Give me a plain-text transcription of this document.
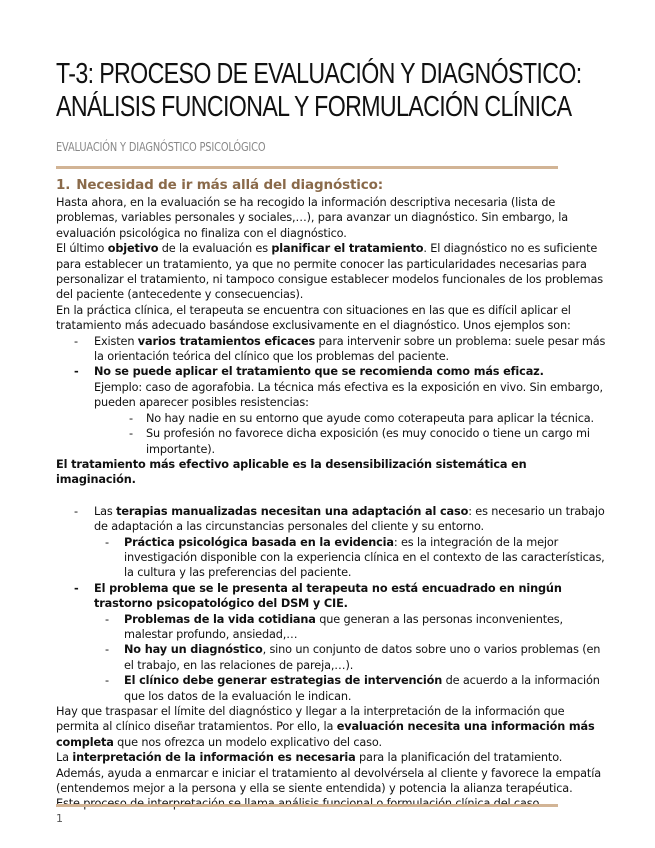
T-3: PROCESO DE EVALUACIÓN Y DIAGNÓSTICO:
ANÁLISIS FUNCIONAL Y FORMULACIÓN CLÍNICA
EVALUACIÓN Y DIAGNÓSTICO PSICOLÓGICO

1. Necesidad de ir más allá del diagnóstico:

Hasta ahora, en la evaluación se ha recogido la información descriptiva necesaria (lista de problemas, variables personales y sociales,…), para avanzar un diagnóstico. Sin embargo, la evaluación psicológica no finaliza con el diagnóstico.

El último objetivo de la evaluación es planificar el tratamiento. El diagnóstico no es suficiente para establecer un tratamiento, ya que no permite conocer las particularidades necesarias para personalizar el tratamiento, ni tampoco consigue establecer modelos funcionales de los problemas del paciente (antecedente y consecuencias).

En la práctica clínica, el terapeuta se encuentra con situaciones en las que es difícil aplicar el tratamiento más adecuado basándose exclusivamente en el diagnóstico. Unos ejemplos son:

- Existen varios tratamientos eficaces para intervenir sobre un problema: suele pesar más la orientación teórica del clínico que los problemas del paciente.
- No se puede aplicar el tratamiento que se recomienda como más eficaz.

Ejemplo: caso de agorafobia. La técnica más efectiva es la exposición en vivo. Sin embargo, pueden aparecer posibles resistencias:

- No hay nadie en su entorno que ayude como coterapeuta para aplicar la técnica.
- Su profesión no favorece dicha exposición (es muy conocido o tiene un cargo mi importante).

El tratamiento más efectivo aplicable es la desensibilización sistemática en imaginación.

- Las terapias manualizadas necesitan una adaptación al caso: es necesario un trabajo de adaptación a las circunstancias personales del cliente y su entorno.
- Práctica psicológica basada en la evidencia: es la integración de la mejor investigación disponible con la experiencia clínica en el contexto de las características, la cultura y las preferencias del paciente.
- El problema que se le presenta al terapeuta no está encuadrado en ningún trastorno psicopatológico del DSM y CIE.
- Problemas de la vida cotidiana que generan a las personas inconvenientes, malestar profundo, ansiedad,…
- No hay un diagnóstico, sino un conjunto de datos sobre uno o varios problemas (en el trabajo, en las relaciones de pareja,…).
- El clínico debe generar estrategias de intervención de acuerdo a la información que los datos de la evaluación le indican.

Hay que traspasar el límite del diagnóstico y llegar a la interpretación de la información que permita al clínico diseñar tratamientos. Por ello, la evaluación necesita una información más completa que nos ofrezca un modelo explicativo del caso.

La interpretación de la información es necesaria para la planificación del tratamiento. Además, ayuda a enmarcar e iniciar el tratamiento al devolvérsela al cliente y favorece la empatía (entendemos mejor a la persona y ella se siente entendida) y potencia la alianza terapéutica.

1
